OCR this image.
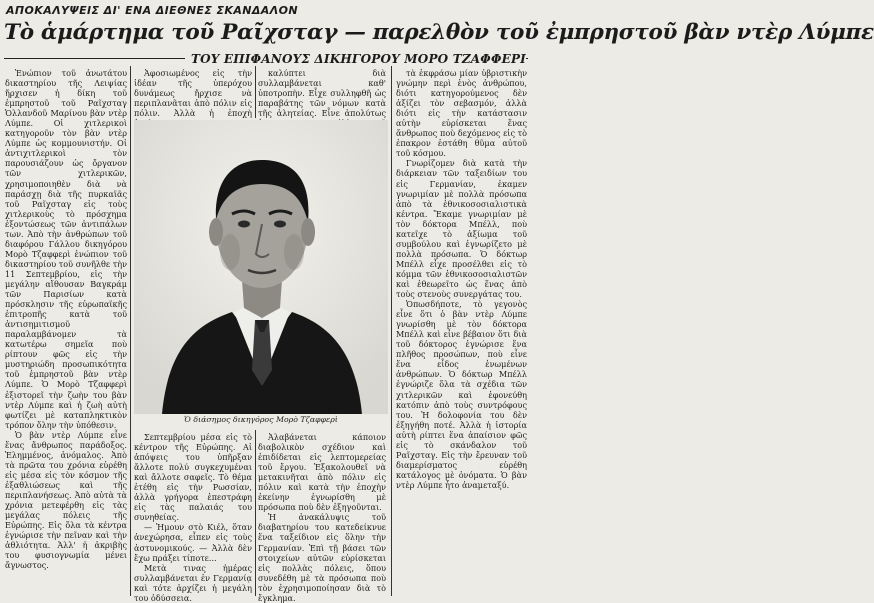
ΑΠΟΚΑΛΥΨΕΙΣ ΔΙ' ΕΝΑ ΔΙΕΘΝΕΣ ΣΚΑΝΔΑΛΟΝ
Τὸ ἁμάρτημα τοῦ Ραῖχσταγ — παρελθὸν τοῦ ἐμπρηστοῦ βὰν ντὲρ Λύμπε
ΤΟΥ ΕΠΙΦΑΝΟΥΣ ΔΙΚΗΓΟΡΟΥ ΜΟΡΟ ΤΖΑΦΦΕΡΙ

Ἐνώπιον τοῦ ἀνωτάτου δικαστηρίου τῆς Λειψίας ἤρχισεν ἡ δίκη τοῦ ἐμπρηστοῦ τοῦ Ραῖχσταγ Ὁλλανδοῦ Μαρίνου βὰν ντὲρ Λύμπε. Οἱ χιτλερικοὶ κατηγοροῦν τὸν βὰν ντὲρ Λύμπε ὡς κομμουνιστήν. Οἱ ἀντιχιτλερικοὶ τὸν παρουσιάζουν ὡς ὄργανον τῶν χιτλερικῶν, χρησιμοποιηθὲν διὰ νὰ παράσχῃ διὰ τῆς πυρκαϊᾶς τοῦ Ραῖχσταγ εἰς τοὺς χιτλερικοὺς τὸ πρόσχημα ἐξοντώσεως τῶν ἀντιπάλων των. Ἀπὸ τὴν ἀνθρώπων τοῦ διαφόρου Γάλλου δικηγόρου Μορὸ Τζαφφερὶ ἐνώπιον τοῦ δικαστηρίου τοῦ συνῆλθε τὴν 11 Σεπτεμβρίου, εἰς τὴν μεγάλην αἴθουσαν Βαγκράμ τῶν Παρισίων κατὰ πρόσκλησιν τῆς εὐρωπαϊκῆς ἐπιτροπῆς κατὰ τοῦ ἀντισημιτισμοῦ παραλαμβάνομεν τὰ κατωτέρω σημεῖα ποὺ ρίπτουν φῶς εἰς τὴν μυστηριώδη προσωπικότητα τοῦ ἐμπρηστοῦ βὰν ντὲρ Λύμπε. Ὁ Μορὸ Τζαφφερὶ ἐξιστορεῖ τὴν ζωὴν του βὰν ντὲρ Λύμπε καὶ ἡ ζωὴ αὐτὴ φωτίζει μὲ καταπληκτικὸν τρόπον ὅλην τὴν ὑπόθεσιν.

Ὁ βὰν ντὲρ Λύμπε εἶνε ἕνας ἄνθρωπος παράδοξος. Ἐλημμένος, ἀνόμαλος. Ἀπὸ τὰ πρῶτα του χρόνια εὑρέθη εἰς μέσα εἰς τὸν κόσμον τῆς ἐξαθλιώσεως καὶ τῆς περιπλανήσεως. Ἀπὸ αὐτὰ τὰ χρόνια μετεφέρθη εἰς τὰς μεγάλας πόλεις τῆς Εὐρώπης. Εἰς ὅλα τὰ κέντρα ἐγνώρισε τὴν πεῖναν καὶ τὴν ἀθλιότητα. Ἀλλ' ἡ ἀκριβὴς του φυσιογνωμία μένει ἄγνωστος.

Ἀφοσιωμένος εἰς τὴν ἰδέαν τῆς ὑπερόχου δυνάμεως ἤρχισε νὰ περιπλανᾶται ἀπὸ πόλιν εἰς πόλιν. Ἀλλὰ ἡ ἐποχὴ

καλύπτει διὰ συλλαμβάνεται καθ' ὑποτροπὴν. Εἶχε συλληφθῆ ὡς παραβάτης τῶν νόμων κατὰ τῆς ἀλητείας. Εἶνε ἀπολύτως

Ὁ διάσημος δικηγόρος Μορὸ Τζαφφερὶ

Σεπτεμβρίου μέσα εἰς τὸ κέντρον τῆς Εὐρώπης. Αἱ ἀπόψεις του ὑπῆρξαν ἄλλοτε πολύ συγκεχυμέναι καὶ ἄλλοτε σαφεῖς. Τὸ θέμα ἐτέθη εἰς τὴν Ρωσσίαν, ἀλλὰ γρήγορα ἐπεστράφη εἰς τὰς παλαιάς του συνηθείας.

— Ἠμουν στὸ Κιέλ, ὅταν ἀνεχώρησα, εἶπεν εἰς τοὺς ἀστυνομικούς. — Ἀλλὰ δὲν ἔχω πράξει τίποτε...

Μετὰ τινας ἡμέρας συλλαμβάνεται ἐν Γερμανίᾳ καὶ τότε ἀρχίζει ἡ μεγάλη του ὁδύσσεια.

Ἀλαβάνεται κάποιον διαβολικὸν σχέδιον καὶ ἐπιδίδεται εἰς λεπτομερείας τοῦ ἔργου. Ἐξακολουθεῖ νὰ μετακινῆται ἀπὸ πόλιν εἰς πόλιν καὶ κατὰ τὴν ἐποχὴν ἐκείνην ἐγνωρίσθη μὲ πρόσωπα ποὺ δὲν ἐξηγοῦνται.

Ἡ ἀνακάλυψις τοῦ διαβατηρίου του κατεδείκνυε ἕνα ταξείδιον εἰς ὅλην τὴν Γερμανίαν. Ἐπὶ τῇ βάσει τῶν στοιχείων αὐτῶν εὑρίσκεται εἰς πολλὰς πόλεις, ὅπου συνεδέθη μὲ τὰ πρόσωπα ποὺ τὸν ἐχρησιμοποίησαν διὰ τὸ ἔγκλημα.

τὰ ἐκφράσω μίαν ὑβριστικὴν γνώμην περὶ ἑνὸς ἀνθρώπου, διότι κατηγορούμενος δὲν ἀξίζει τὸν σεβασμόν, ἀλλὰ διότι εἰς τὴν κατάστασιν αὐτὴν εὑρίσκεται ἕνας ἄνθρωπος ποὺ δεχόμενος εἰς τὸ ἐπακρον ἐστάθη θῦμα αὐτοῦ τοῦ κόσμου.

Γνωρίζομεν διὰ κατὰ τὴν διάρκειαν τῶν ταξειδίων του εἰς Γερμανίαν, ἐκαμεν γνωριμίαν μὲ πολλὰ πρόσωπα ἀπὸ τὰ ἐθνικοσοσιαλιστικὰ κέντρα. Ἔκαμε γνωριμίαν μὲ τὸν δόκτορα Μπέλλ, ποὺ κατεῖχε τὸ ἀξίωμα τοῦ συμβούλου καὶ ἐγνωρίζετο μὲ πολλὰ πρόσωπα. Ὁ δόκτωρ Μπέλλ εἶχε προσέλθει εἰς τὸ κόμμα τῶν ἐθνικοσοσιαλιστῶν καὶ ἐθεωρεῖτο ὡς ἕνας ἀπὸ τοὺς στενοὺς συνεργάτας του.

Ὁπωσδήποτε, τὸ γεγονὸς εἶνε ὅτι ὁ βὰν ντὲρ Λύμπε γνωρίσθη μὲ τὸν δόκτορα Μπέλλ καὶ εἶνε βέβαιον ὅτι διὰ τοῦ δόκτορος ἐγνώρισε ἕνα πλῆθος προσώπων, ποὺ εἶνε ἕνα εἶδος ἑνωμένων ἀνθρώπων. Ὁ δόκτωρ Μπέλλ ἐγνώριζε ὅλα τὰ σχέδια τῶν χιτλερικῶν καὶ ἐφονεύθη κατόπιν ἀπὸ τοὺς συντρόφους του. Ἡ δολοφονία του δὲν ἐξηγήθη ποτέ. Ἀλλὰ ἡ ἱστορία αὐτὴ ρίπτει ἕνα ἀπαίσιον φῶς εἰς τὸ σκάνδαλον τοῦ Ραῖχσταγ. Εἰς τὴν ἔρευναν τοῦ διαμερίσματος εὑρέθη κατάλογος μὲ ὀνόματα. Ὁ βὰν ντὲρ Λύμπε ἦτο ἀναμεταξύ.
